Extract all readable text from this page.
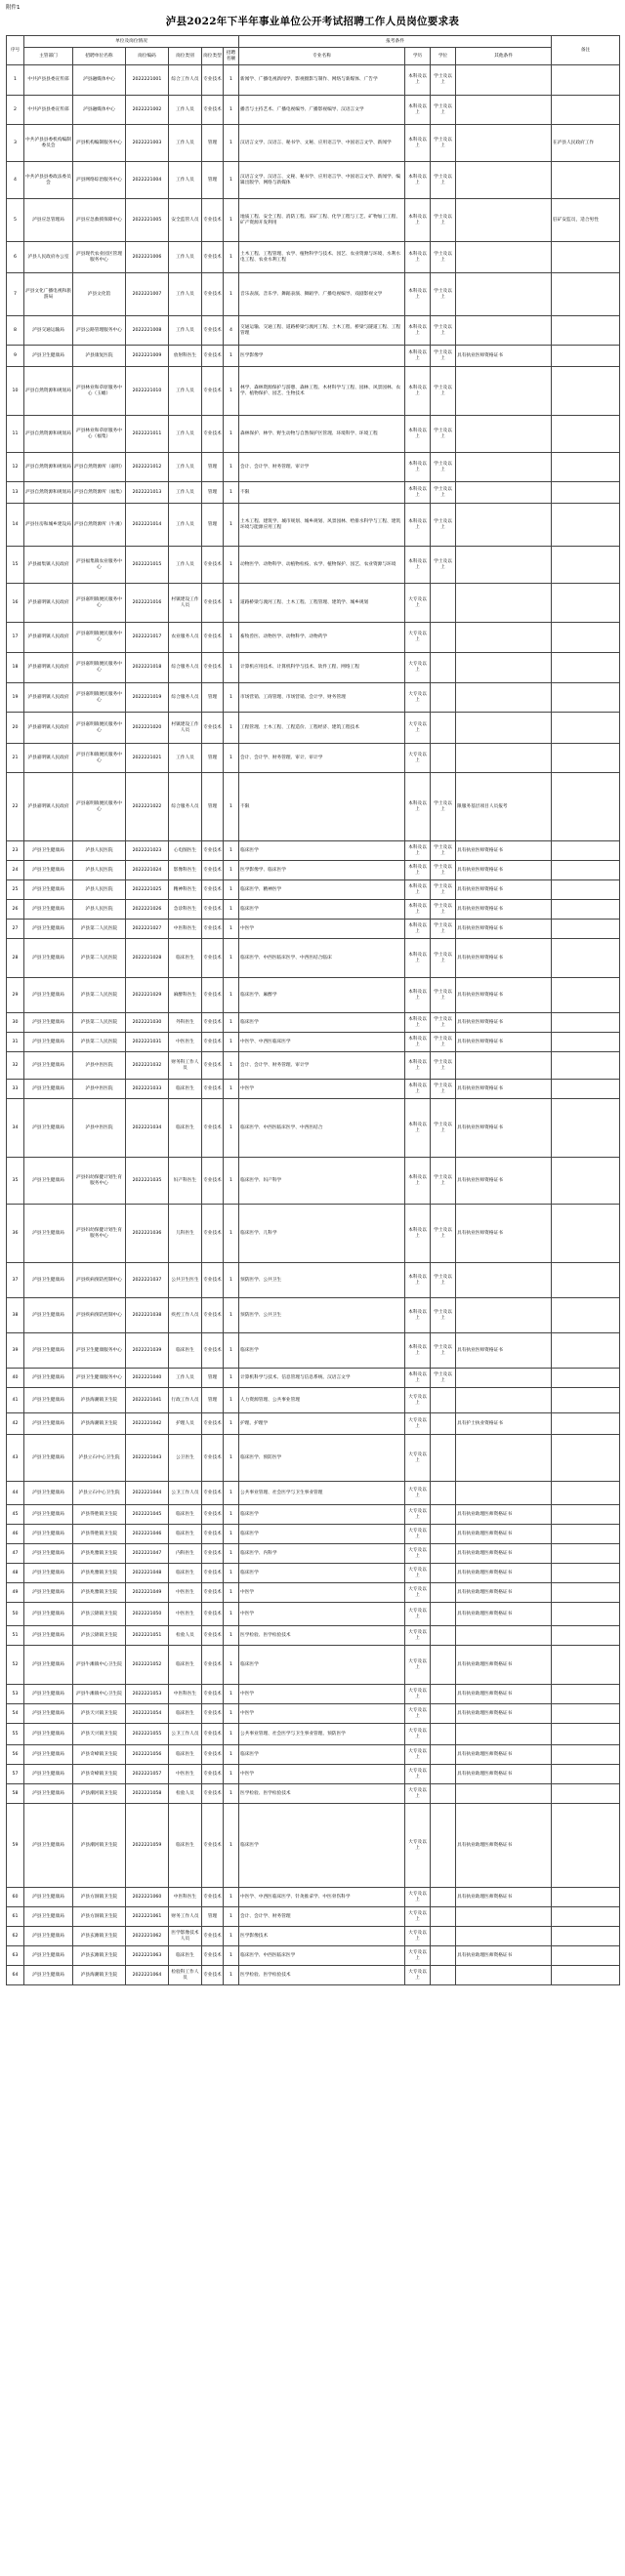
附件1
泸县2022年下半年事业单位公开考试招聘工作人员岗位要求表
序号	单位及岗位情况						报考条件				备注
	主管部门	招聘单位名称	岗位编码	岗位类别	岗位类型	招聘名额	专业名称	学历	学位	其他条件	
1	中共泸县县委宣传部	泸县融媒体中心	2022221001	综合工作人员	专业技术	1	新闻学、广播电视新闻学、影视摄影与制作、网络与新媒体、广告学	本科及以上	学士及以上		
2	中共泸县县委宣传部	泸县融媒体中心	2022221002	工作人员	专业技术	1	播音与主持艺术、广播电视编导、广播影视编导、汉语言文学	本科及以上	学士及以上		
3	中共泸县县委机构编制委员会	泸县机构编制服务中心	2022221003	工作人员	管理	1	汉语言文学、汉语言、秘书学、文秘、应用语言学、中国语言文学、新闻学	本科及以上	学士及以上		在泸县人民政府工作
4	中共泸县县委政法委员会	泸县网络综治服务中心	2022221004	工作人员	管理	1	汉语言文学、汉语言、文秘、秘书学、应用语言学、中国语言文学、新闻学、编辑出版学、网络与新媒体	本科及以上	学士及以上		
5	泸县应急管理局	泸县应急救援保障中心	2022221005	安全监管人员	专业技术	1	地质工程、安全工程、消防工程、采矿工程、化学工程与工艺、矿物加工工程、矿产资源开发利用	本科及以上	学士及以上		驻矿安监员，适合男性
6	泸县人民政府办公室	泸县现代农业园区管理服务中心	2022221006	工作人员	专业技术	1	土木工程、工程管理、农学、植物科学与技术、园艺、农业资源与环境、水利水电工程、农业水利工程	本科及以上	学士及以上		
7	泸县文化广播电视和旅游局	泸县文化馆	2022221007	工作人员	专业技术	1	音乐表演、音乐学、舞蹈表演、舞蹈学、广播电视编导、戏剧影视文学	本科及以上	学士及以上		
8	泸县交通运输局	泸县公路管理服务中心	2022221008	工作人员	专业技术	4	交通运输、交通工程、道路桥梁与渡河工程、土木工程、桥梁与隧道工程、工程管理	本科及以上	学士及以上		
9	泸县卫生健康局	泸县康复医院	2022221009	放射科医生	专业技术	1	医学影像学	本科及以上	学士及以上	具有执业医师资格证书	
10	泸县自然资源和规划局	泸县林业和草原服务中心（玉蟾）	2022221010	工作人员	专业技术	1	林学、森林资源保护与游憩、森林工程、木材科学与工程、园林、风景园林、农学、植物保护、园艺、生物技术	本科及以上	学士及以上		
11	泸县自然资源和规划局	泸县林业和草原服务中心（福集）	2022221011	工作人员	专业技术	1	森林保护、林学、野生动物与自然保护区管理、环境科学、环境工程	本科及以上	学士及以上		
12	泸县自然资源和规划局	泸县自然资源所（嘉明）	2022221012	工作人员	管理	1	会计、会计学、财务管理、审计学	本科及以上	学士及以上		
13	泸县自然资源和规划局	泸县自然资源所（福集）	2022221013	工作人员	管理	1	不限	本科及以上	学士及以上		
14	泸县住房和城乡建设局	泸县自然资源所（牛滩）	2022221014	工作人员	管理	1	土木工程、建筑学、城市规划、城乡规划、风景园林、给排水科学与工程、建筑环境与能源应用工程	本科及以上	学士及以上		
15	泸县福集镇人民政府	泸县福集镇农业服务中心	2022221015	工作人员	专业技术	1	动物医学、动物科学、动植物检疫、农学、植物保护、园艺、农业资源与环境	本科及以上	学士及以上		
16	泸县嘉明镇人民政府	泸县嘉明镇便民服务中心	2022221016	村镇建设工作人员	专业技术	1	道路桥梁与渡河工程、土木工程、工程管理、建筑学、城乡规划	大专及以上			
17	泸县嘉明镇人民政府	泸县嘉明镇便民服务中心	2022221017	农业服务人员	专业技术	1	畜牧兽医、动物医学、动物科学、动物药学	大专及以上			
18	泸县嘉明镇人民政府	泸县嘉明镇便民服务中心	2022221018	综合服务人员	专业技术	1	计算机应用技术、计算机科学与技术、软件工程、网络工程	大专及以上			
19	泸县嘉明镇人民政府	泸县嘉明镇便民服务中心	2022221019	综合服务人员	管理	1	市场营销、工商管理、市场营销、会计学、财务管理	大专及以上			
20	泸县嘉明镇人民政府	泸县嘉明镇便民服务中心	2022221020	村镇建设工作人员	专业技术	1	工程管理、土木工程、工程造价、工程经济、建筑工程技术	大专及以上			
21	泸县嘉明镇人民政府	泸县百和镇便民服务中心	2022221021	工作人员	管理	1	会计、会计学、财务管理、审计、审计学	大专及以上			
22	泸县嘉明镇人民政府	泸县嘉明镇便民服务中心	2022221022	综合服务人员	管理	1	不限	本科及以上	学士及以上	限服务基层项目人员报考	
23	泸县卫生健康局	泸县人民医院	2022221023	心电图医生	专业技术	1	临床医学	本科及以上	学士及以上	具有执业医师资格证书	
24	泸县卫生健康局	泸县人民医院	2022221024	影像科医生	专业技术	1	医学影像学、临床医学	本科及以上	学士及以上	具有执业医师资格证书	
25	泸县卫生健康局	泸县人民医院	2022221025	精神科医生	专业技术	1	临床医学、精神医学	本科及以上	学士及以上	具有执业医师资格证书	
26	泸县卫生健康局	泸县人民医院	2022221026	急诊科医生	专业技术	1	临床医学	本科及以上	学士及以上	具有执业医师资格证书	
27	泸县卫生健康局	泸县第二人民医院	2022221027	中医科医生	专业技术	1	中医学	本科及以上	学士及以上	具有执业医师资格证书	
28	泸县卫生健康局	泸县第二人民医院	2022221028	临床医生	专业技术	1	临床医学、中西医临床医学、中西医结合临床	本科及以上	学士及以上	具有执业医师资格证书	
29	泸县卫生健康局	泸县第二人民医院	2022221029	麻醉科医生	专业技术	1	临床医学、麻醉学	本科及以上	学士及以上	具有执业医师资格证书	
30	泸县卫生健康局	泸县第二人民医院	2022221030	外科医生	专业技术	1	临床医学	本科及以上	学士及以上	具有执业医师资格证书	
31	泸县卫生健康局	泸县第二人民医院	2022221031	中医医生	专业技术	1	中医学、中西医临床医学	本科及以上	学士及以上	具有执业医师资格证书	
32	泸县卫生健康局	泸县中医医院	2022221032	财务科工作人员	专业技术	1	会计、会计学、财务管理、审计学	本科及以上	学士及以上		
33	泸县卫生健康局	泸县中医医院	2022221033	临床医生	专业技术	1	中医学	本科及以上	学士及以上	具有执业医师资格证书	
34	泸县卫生健康局	泸县中医医院	2022221034	临床医生	专业技术	1	临床医学、中西医临床医学、中西医结合	本科及以上	学士及以上	具有执业医师资格证书	
35	泸县卫生健康局	泸县妇幼保健计划生育服务中心	2022221035	妇产科医生	专业技术	1	临床医学、妇产科学	本科及以上	学士及以上	具有执业医师资格证书	
36	泸县卫生健康局	泸县妇幼保健计划生育服务中心	2022221036	儿科医生	专业技术	1	临床医学、儿科学	本科及以上	学士及以上	具有执业医师资格证书	
37	泸县卫生健康局	泸县疾病预防控制中心	2022221037	公共卫生医生	专业技术	1	预防医学、公共卫生	本科及以上	学士及以上		
38	泸县卫生健康局	泸县疾病预防控制中心	2022221038	疾控工作人员	专业技术	1	预防医学、公共卫生	本科及以上	学士及以上		
39	泸县卫生健康局	泸县卫生健康服务中心	2022221039	临床医生	专业技术	1	临床医学	本科及以上	学士及以上	具有执业医师资格证书	
40	泸县卫生健康局	泸县卫生健康服务中心	2022221040	工作人员	管理	1	计算机科学与技术、信息管理与信息系统、汉语言文学	本科及以上	学士及以上		
41	泸县卫生健康局	泸县海潮镇卫生院	2022221041	行政工作人员	管理	1	人力资源管理、公共事业管理	大专及以上			
42	泸县卫生健康局	泸县海潮镇卫生院	2022221042	护理人员	专业技术	1	护理、护理学	大专及以上		具有护士执业资格证书	
43	泸县卫生健康局	泸县立石中心卫生院	2022221043	公卫医生	专业技术	1	临床医学、预防医学	大专及以上			
44	泸县卫生健康局	泸县立石中心卫生院	2022221044	公卫工作人员	专业技术	1	公共事业管理、社会医学与卫生事业管理	大专及以上			
45	泸县卫生健康局	泸县得胜镇卫生院	2022221045	临床医生	专业技术	1	临床医学	大专及以上		具有执业助理医师资格证书	
46	泸县卫生健康局	泸县得胜镇卫生院	2022221046	临床医生	专业技术	1	临床医学	大专及以上		具有执业助理医师资格证书	
47	泸县卫生健康局	泸县兆雅镇卫生院	2022221047	内科医生	专业技术	1	临床医学、内科学	大专及以上		具有执业助理医师资格证书	
48	泸县卫生健康局	泸县兆雅镇卫生院	2022221048	临床医生	专业技术	1	临床医学	大专及以上		具有执业助理医师资格证书	
49	泸县卫生健康局	泸县兆雅镇卫生院	2022221049	中医医生	专业技术	1	中医学	大专及以上		具有执业助理医师资格证书	
50	泸县卫生健康局	泸县云锦镇卫生院	2022221050	中医医生	专业技术	1	中医学	大专及以上		具有执业助理医师资格证书	
51	泸县卫生健康局	泸县云锦镇卫生院	2022221051	检验人员	专业技术	1	医学检验、医学检验技术	大专及以上			
52	泸县卫生健康局	泸县牛滩镇中心卫生院	2022221052	临床医生	专业技术	1	临床医学	大专及以上		具有执业助理医师资格证书	
53	泸县卫生健康局	泸县牛滩镇中心卫生院	2022221053	中医科医生	专业技术	1	中医学	大专及以上		具有执业助理医师资格证书	
54	泸县卫生健康局	泸县天兴镇卫生院	2022221054	临床医生	专业技术	1	中医学	大专及以上		具有执业助理医师资格证书	
55	泸县卫生健康局	泸县天兴镇卫生院	2022221055	公卫工作人员	专业技术	1	公共事业管理、社会医学与卫生事业管理、预防医学	大专及以上			
56	泸县卫生健康局	泸县奇峰镇卫生院	2022221056	临床医生	专业技术	1	临床医学	大专及以上		具有执业助理医师资格证书	
57	泸县卫生健康局	泸县奇峰镇卫生院	2022221057	中医医生	专业技术	1	中医学	大专及以上		具有执业助理医师资格证书	
58	泸县卫生健康局	泸县潮河镇卫生院	2022221058	检验人员	专业技术	1	医学检验、医学检验技术	大专及以上			
59	泸县卫生健康局	泸县潮河镇卫生院	2022221059	临床医生	专业技术	1	临床医学	大专及以上		具有执业助理医师资格证书	
60	泸县卫生健康局	泸县方洞镇卫生院	2022221060	中医科医生	专业技术	1	中医学、中西医临床医学、针灸推拿学、中医骨伤科学	大专及以上		具有执业助理医师资格证书	
61	泸县卫生健康局	泸县方洞镇卫生院	2022221061	财务工作人员	管理	1	会计、会计学、财务管理	大专及以上			
62	泸县卫生健康局	泸县玄滩镇卫生院	2022221062	医学影像技术人员	专业技术	1	医学影像技术	大专及以上			
63	泸县卫生健康局	泸县玄滩镇卫生院	2022221063	临床医生	专业技术	1	临床医学、中西医临床医学	大专及以上		具有执业助理医师资格证书	
64	泸县卫生健康局	泸县海潮镇卫生院	2022221064	检验科工作人员	专业技术	1	医学检验、医学检验技术	大专及以上			
